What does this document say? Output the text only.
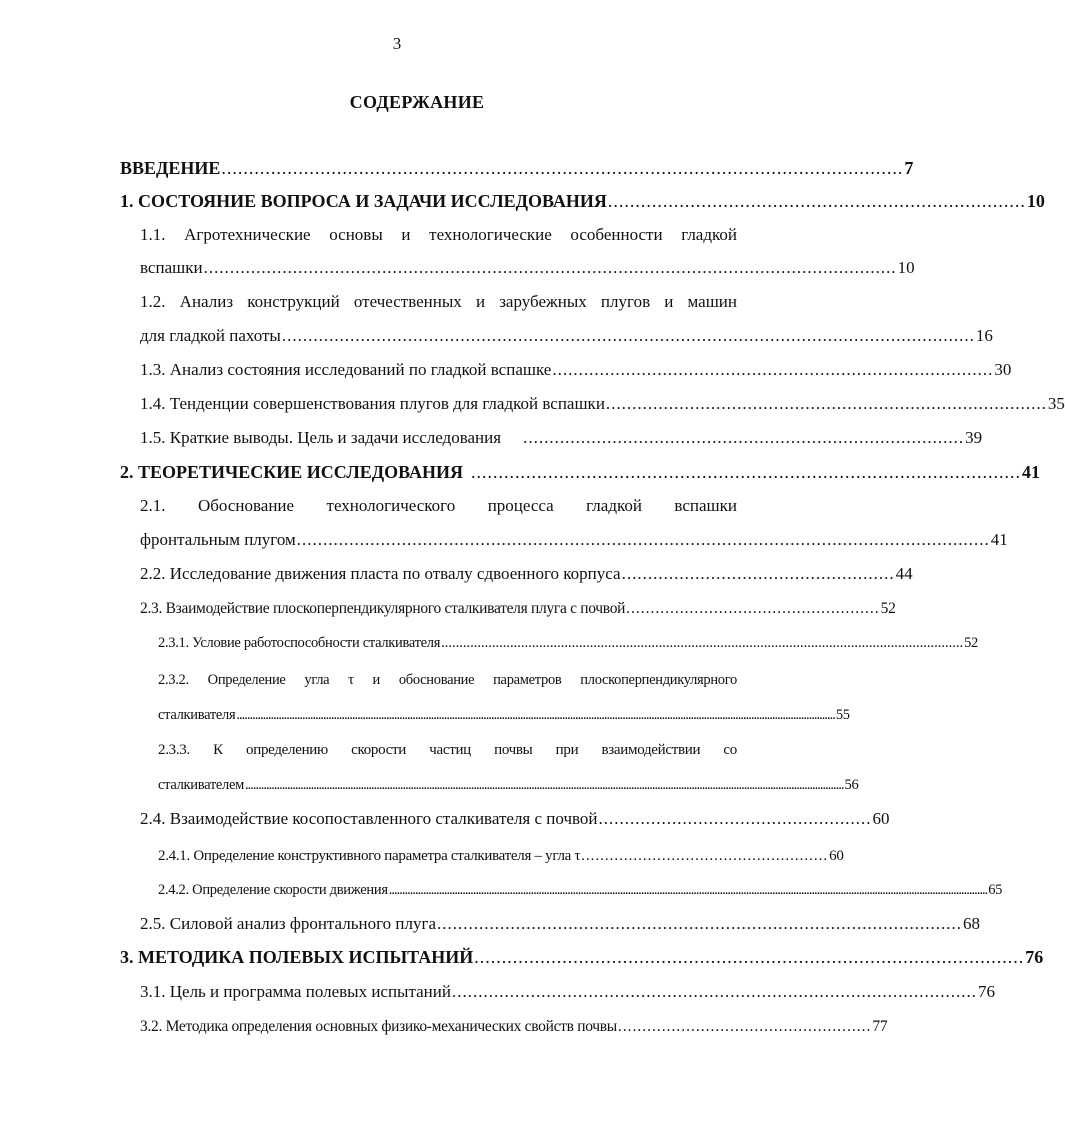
3
СОДЕРЖАНИЕ
ВВЕДЕНИЕ ............................................................................................................................ 7
1. СОСТОЯНИЕ ВОПРОСА И ЗАДАЧИ ИССЛЕДОВАНИЯ ............................................................................ 10
1.1. Агротехнические основы и технологические особенности гладкой
вспашки .................................................................................................................................... 10
1.2. Анализ конструкций отечественных и зарубежных плугов и машин
для гладкой пахоты .................................................................................................................................... 16
1.3. Анализ состояния исследований по гладкой вспашке .................................................................................... 30
1.4. Тенденции совершенствования плугов для гладкой вспашки .................................................................................... 35
1.5. Краткие выводы. Цель и задачи исследования .................................................................................... 39
2. ТЕОРЕТИЧЕСКИЕ ИССЛЕДОВАНИЯ .................................................................................................... 41
2.1. Обоснование технологического процесса гладкой вспашки
фронтальным плугом .................................................................................................................................... 41
2.2. Исследование движения пласта по отвалу сдвоенного корпуса .................................................... 44
2.3. Взаимодействие плоскоперпендикулярного сталкивателя плуга с почвой .................................................... 52
2.3.1. Условие работоспособности сталкивателя ................................................................................................................................................ 52
2.3.2. Определение угла τ и обоснование параметров плоскоперпендикулярного
сталкивателя .................................................................................................................................................................................................................................... 55
2.3.3. К определению скорости частиц почвы при взаимодействии со
сталкивателем .................................................................................................................................................................................................................................... 56
2.4. Взаимодействие косопоставленного сталкивателя с почвой .................................................... 60
2.4.1. Определение конструктивного параметра сталкивателя – угла τ .................................................... 60
2.4.2. Определение скорости движения .................................................................................................................................................................................................................................... 65
2.5. Силовой анализ фронтального плуга .................................................................................................... 68
3. МЕТОДИКА ПОЛЕВЫХ ИСПЫТАНИЙ .................................................................................................... 76
3.1. Цель и программа полевых испытаний .................................................................................................... 76
3.2. Методика определения основных физико-механических свойств почвы .................................................... 77
